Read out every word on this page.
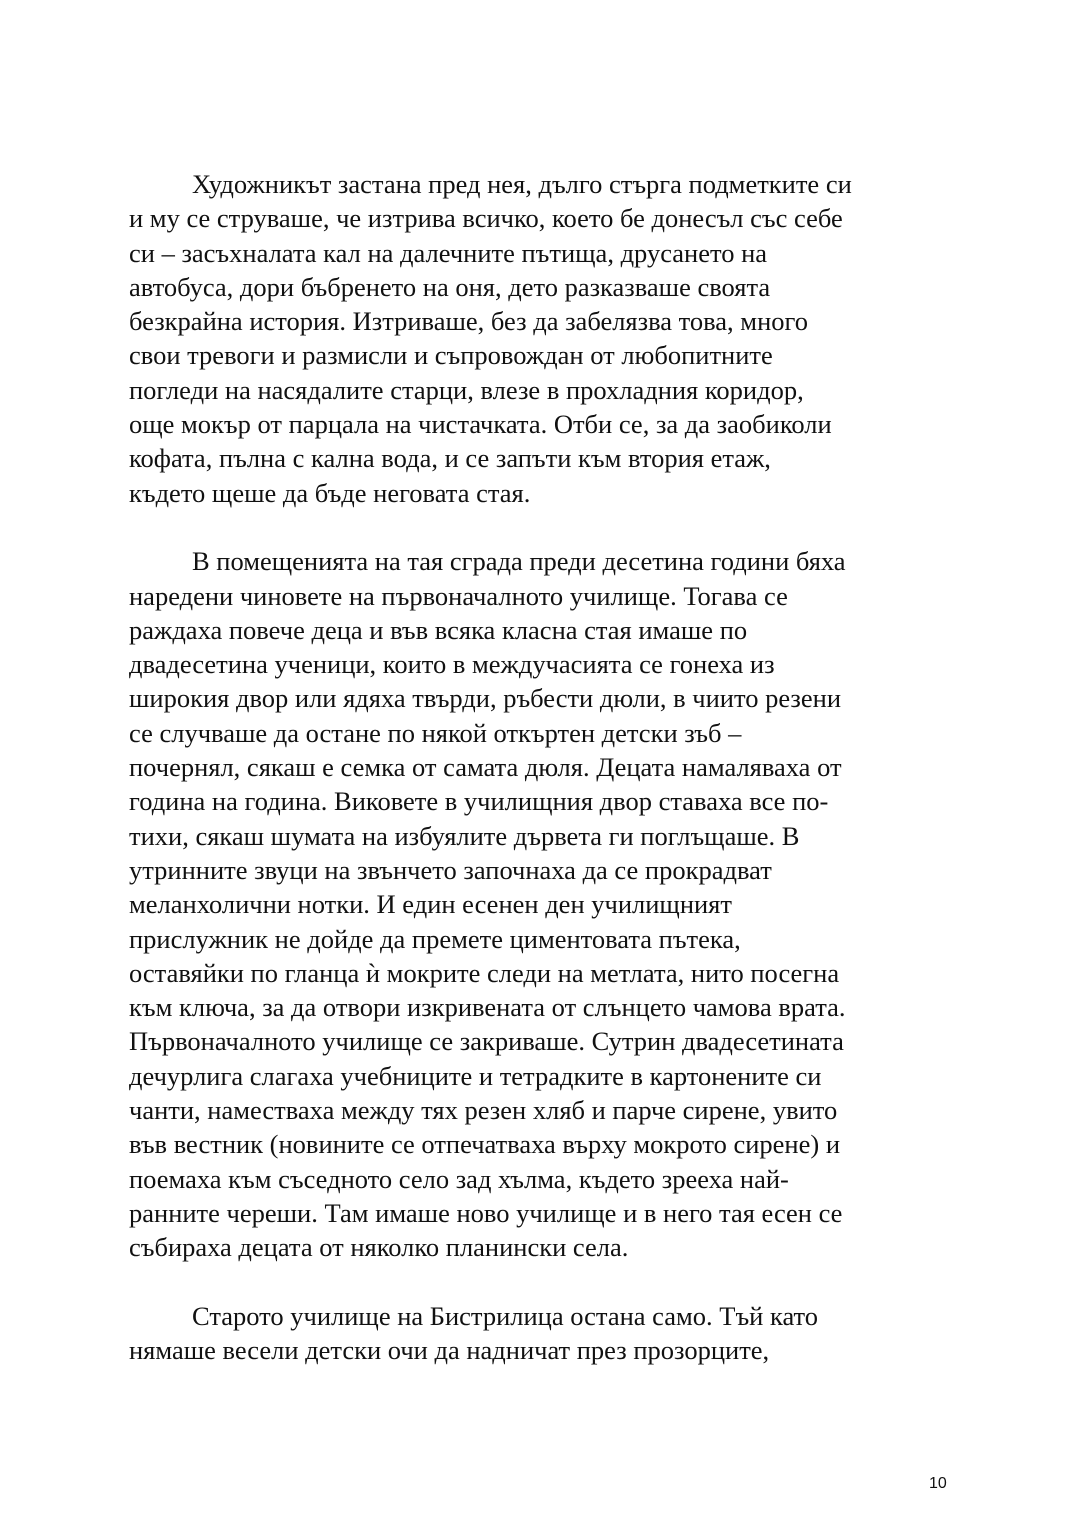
Художникът застана пред нея, дълго стърга подметките си
и му се струваше, че изтрива всичко, което бе донесъл със себе
си – засъхналата кал на далечните пътища, друсането на
автобуса, дори бъбренето на оня, дето разказваше своята
безкрайна история. Изтриваше, без да забелязва това, много
свои тревоги и размисли и съпровождан от любопитните
погледи на насядалите старци, влезе в прохладния коридор,
още мокър от парцала на чистачката. Отби се, за да заобиколи
кофата, пълна с кална вода, и се запъти към втория етаж,
където щеше да бъде неговата стая.

В помещенията на тая сграда преди десетина години бяха
наредени чиновете на първоначалното училище. Тогава се
раждаха повече деца и във всяка класна стая имаше по
двадесетина ученици, които в междучасията се гонеха из
широкия двор или ядяха твърди, ръбести дюли, в чиито резени
се случваше да остане по някой откъртен детски зъб –
почернял, сякаш е семка от самата дюля. Децата намаляваха от
година на година. Виковете в училищния двор ставаха все по-
тихи, сякаш шумата на избуялите дървета ги поглъщаше. В
утринните звуци на звънчето започнаха да се прокрадват
меланхолични нотки. И един есенен ден училищният
прислужник не дойде да премете циментовата пътека,
оставяйки по гланца ѝ мокрите следи на метлата, нито посегна
към ключа, за да отвори изкривената от слънцето чамова врата.
Първоначалното училище се закриваше. Сутрин двадесетината
дечурлига слагаха учебниците и тетрадките в картонените си
чанти, наместваха между тях резен хляб и парче сирене, увито
във вестник (новините се отпечатваха върху мокрото сирене) и
поемаха към съседното село зад хълма, където зрееха най-
ранните череши. Там имаше ново училище и в него тая есен се
събираха децата от няколко планински села.

Старото училище на Бистрилица остана само. Тъй като
нямаше весели детски очи да надничат през прозорците,

10
